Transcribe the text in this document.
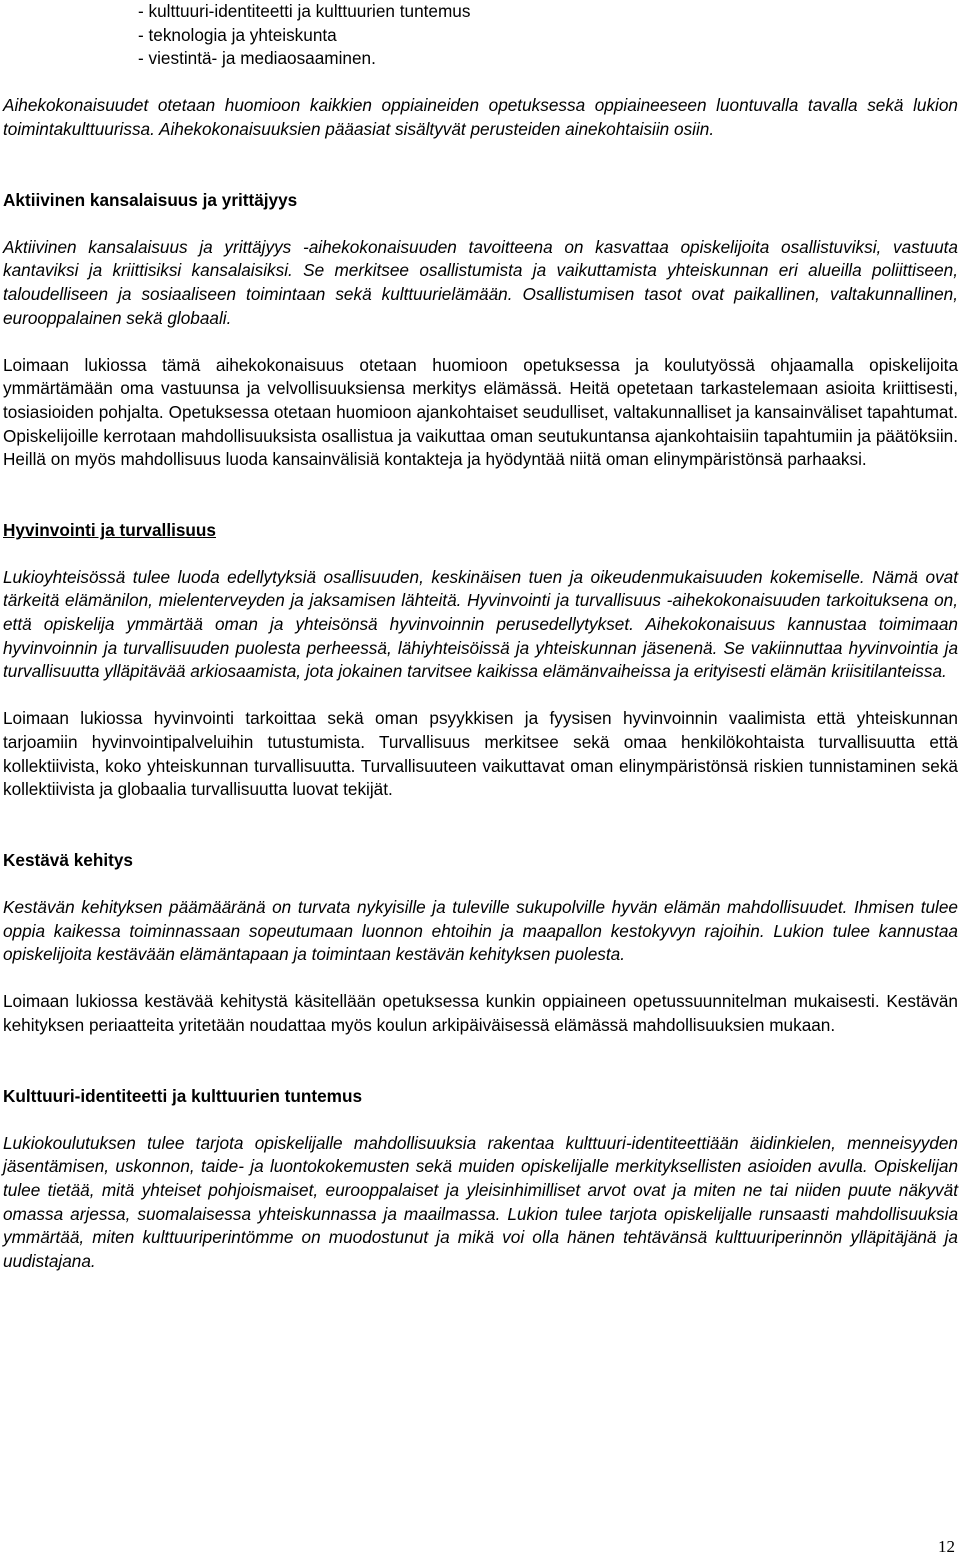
- kulttuuri-identiteetti ja kulttuurien tuntemus
- teknologia ja yhteiskunta
- viestintä- ja mediaosaaminen.

Aihekokonaisuudet otetaan huomioon kaikkien oppiaineiden opetuksessa oppiaineeseen luontuvalla tavalla sekä lukion toimintakulttuurissa. Aihekokonaisuuksien pääasiat sisältyvät perusteiden ainekohtaisiin osiin.

Aktiivinen kansalaisuus ja yrittäjyys

Aktiivinen kansalaisuus ja yrittäjyys -aihekokonaisuuden tavoitteena on kasvattaa opiskelijoita osallistuviksi, vastuuta kantaviksi ja kriittisiksi kansalaisiksi. Se merkitsee osallistumista ja vaikuttamista yhteiskunnan eri alueilla poliittiseen, taloudelliseen ja sosiaaliseen toimintaan sekä kulttuurielämään. Osallistumisen tasot ovat paikallinen, valtakunnallinen, eurooppalainen sekä globaali.

Loimaan lukiossa tämä aihekokonaisuus otetaan huomioon opetuksessa ja koulutyössä ohjaamalla opiskelijoita ymmärtämään oma vastuunsa ja velvollisuuksiensa merkitys elämässä. Heitä opetetaan tarkastelemaan asioita kriittisesti, tosiasioiden pohjalta. Opetuksessa otetaan huomioon ajankohtaiset seudulliset, valtakunnalliset ja kansainväliset tapahtumat. Opiskelijoille kerrotaan mahdollisuuksista osallistua ja vaikuttaa oman seutukuntansa ajankohtaisiin tapahtumiin ja päätöksiin. Heillä on myös mahdollisuus luoda kansainvälisiä kontakteja ja hyödyntää niitä oman elinympäristönsä parhaaksi.

Hyvinvointi ja turvallisuus

Lukioyhteisössä tulee luoda edellytyksiä osallisuuden, keskinäisen tuen ja oikeudenmukaisuuden kokemiselle. Nämä ovat tärkeitä elämänilon, mielenterveyden ja jaksamisen lähteitä. Hyvinvointi ja turvallisuus -aihekokonaisuuden tarkoituksena on, että opiskelija ymmärtää oman ja yhteisönsä hyvinvoinnin perusedellytykset. Aihekokonaisuus kannustaa toimimaan hyvinvoinnin ja turvallisuuden puolesta perheessä, lähiyhteisöissä ja yhteiskunnan jäsenenä. Se vakiinnuttaa hyvinvointia ja turvallisuutta ylläpitävää arkiosaamista, jota jokainen tarvitsee kaikissa elämänvaiheissa ja erityisesti elämän kriisitilanteissa.

Loimaan lukiossa hyvinvointi tarkoittaa sekä oman psyykkisen ja fyysisen hyvinvoinnin vaalimista että yhteiskunnan tarjoamiin hyvinvointipalveluihin tutustumista. Turvallisuus merkitsee sekä omaa henkilökohtaista turvallisuutta että kollektiivista, koko yhteiskunnan turvallisuutta. Turvallisuuteen vaikuttavat oman elinympäristönsä riskien tunnistaminen sekä kollektiivista ja globaalia turvallisuutta luovat tekijät.

Kestävä kehitys

Kestävän kehityksen päämääränä on turvata nykyisille ja tuleville sukupolville hyvän elämän mahdollisuudet. Ihmisen tulee oppia kaikessa toiminnassaan sopeutumaan luonnon ehtoihin ja maapallon kestokyvyn rajoihin. Lukion tulee kannustaa opiskelijoita kestävään elämäntapaan ja toimintaan kestävän kehityksen puolesta.

Loimaan lukiossa kestävää kehitystä käsitellään opetuksessa kunkin oppiaineen opetussuunnitelman mukaisesti. Kestävän kehityksen periaatteita yritetään noudattaa myös koulun arkipäiväisessä elämässä mahdollisuuksien mukaan.

Kulttuuri-identiteetti ja kulttuurien tuntemus

Lukiokoulutuksen tulee tarjota opiskelijalle mahdollisuuksia rakentaa kulttuuri-identiteettiään äidinkielen, menneisyyden jäsentämisen, uskonnon, taide- ja luontokokemusten sekä muiden opiskelijalle merkityksellisten asioiden avulla. Opiskelijan tulee tietää, mitä yhteiset pohjoismaiset, eurooppalaiset ja yleisinhimilliset arvot ovat ja miten ne tai niiden puute näkyvät omassa arjessa, suomalaisessa yhteiskunnassa ja maailmassa. Lukion tulee tarjota opiskelijalle runsaasti mahdollisuuksia ymmärtää, miten kulttuuriperintömme on muodostunut ja mikä voi olla hänen tehtävänsä kulttuuriperinnön ylläpitäjänä ja uudistajana.

12
